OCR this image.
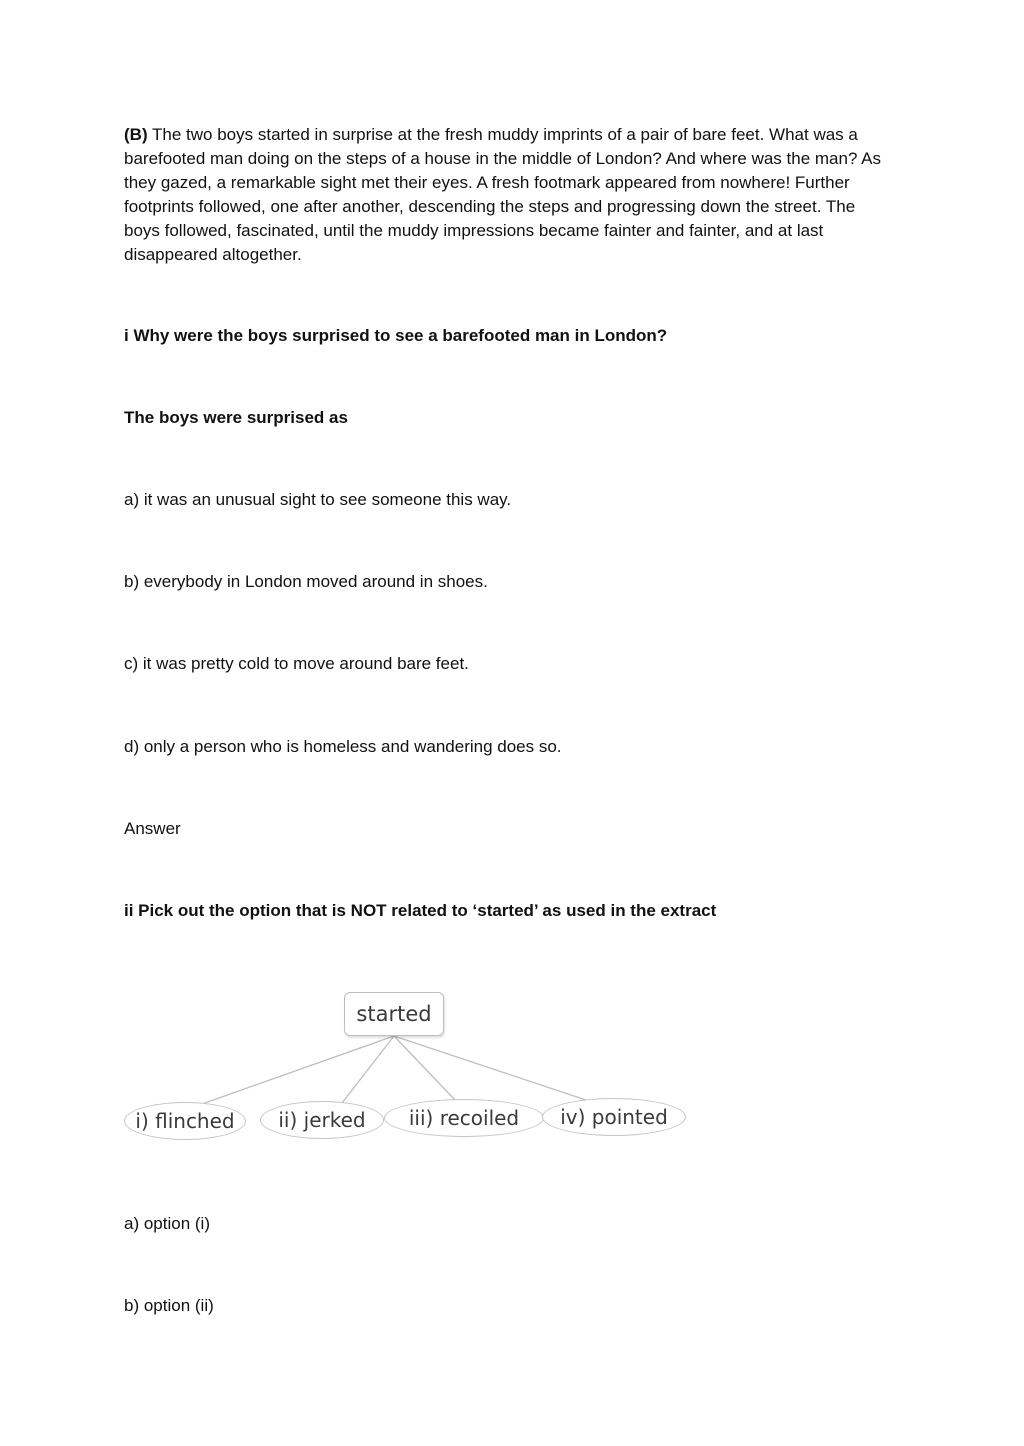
(B) The two boys started in surprise at the fresh muddy imprints of a pair of bare feet. What was a barefooted man doing on the steps of a house in the middle of London? And where was the man? As they gazed, a remarkable sight met their eyes. A fresh footmark appeared from nowhere! Further footprints followed, one after another, descending the steps and progressing down the street. The boys followed, fascinated, until the muddy impressions became fainter and fainter, and at last disappeared altogether.

i Why were the boys surprised to see a barefooted man in London?

The boys were surprised as

a) it was an unusual sight to see someone this way.

b) everybody in London moved around in shoes.

c) it was pretty cold to move around bare feet.

d) only a person who is homeless and wandering does so.

Answer

ii Pick out the option that is NOT related to ‘started’ as used in the extract

started
i) flinched	ii) jerked	iii) recoiled	iv) pointed

a) option (i)

b) option (ii)
